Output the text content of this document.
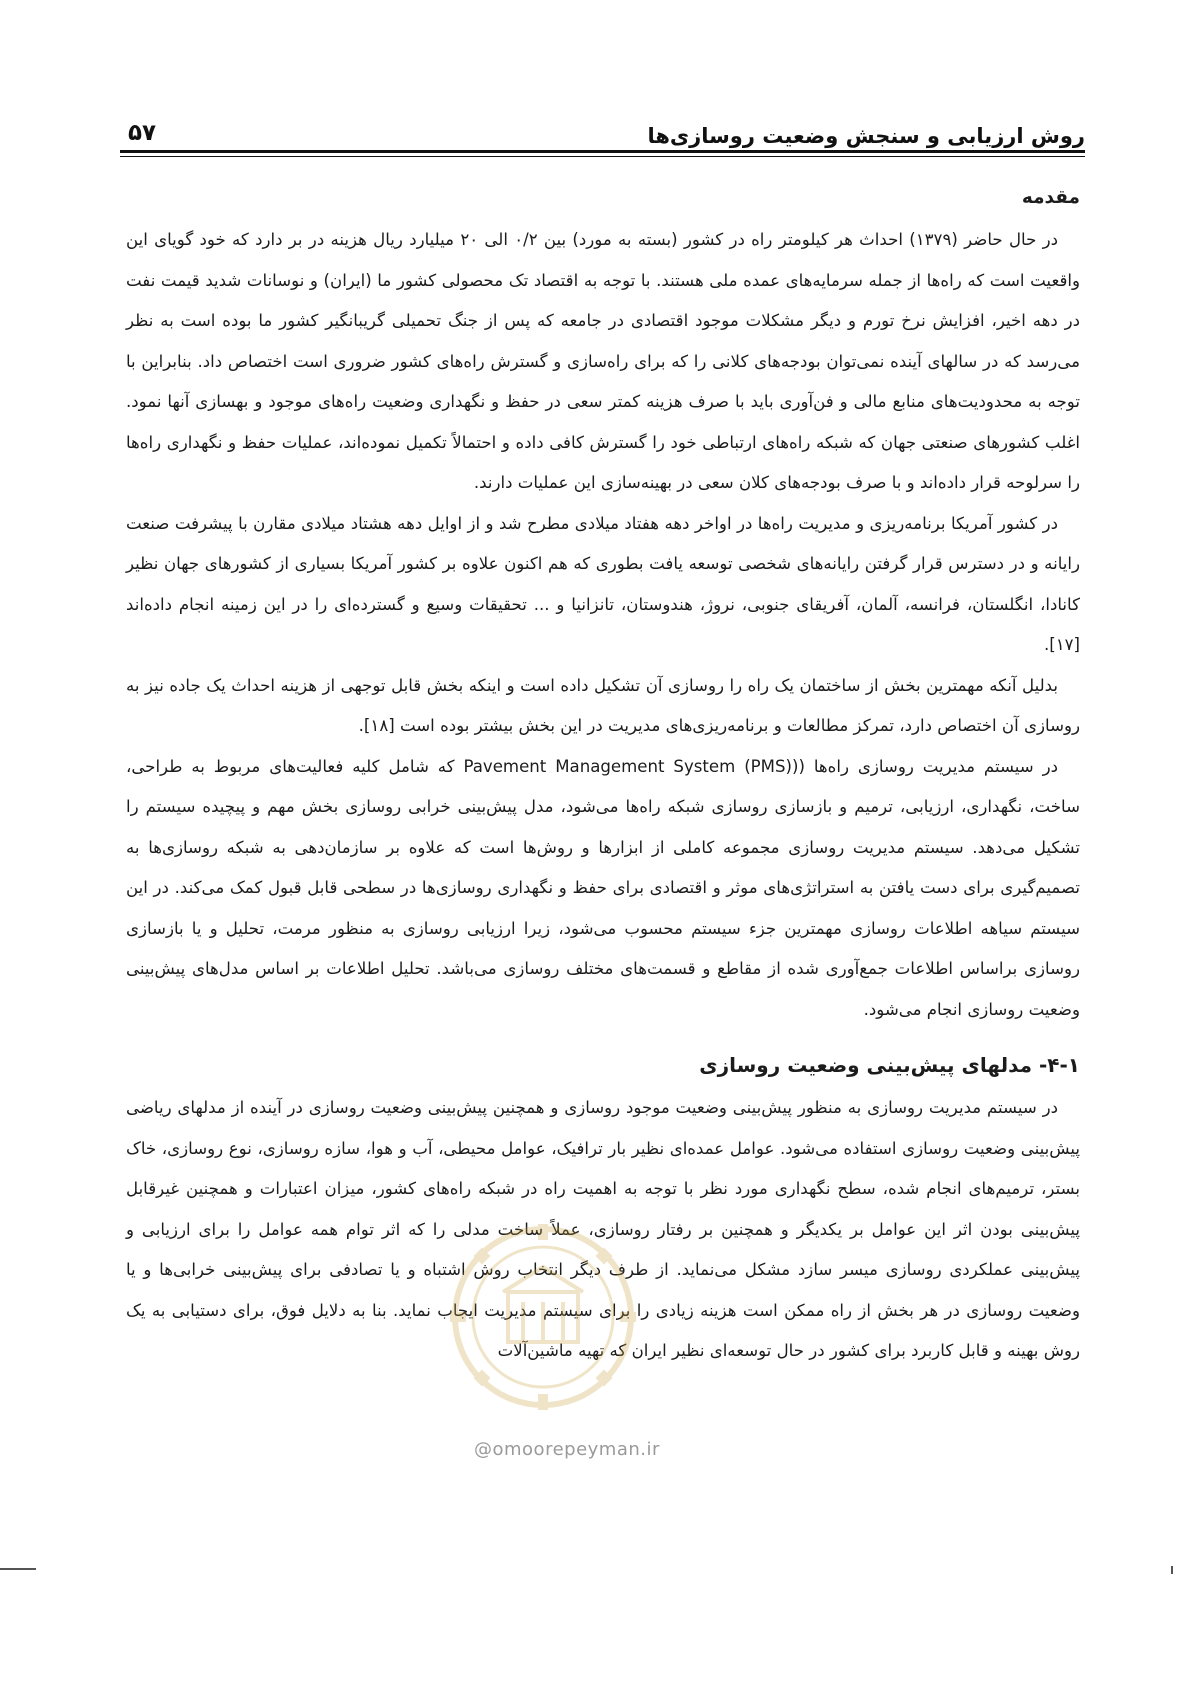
روش ارزیابی و سنجش وضعیت روسازی‌ها
۵۷
مقدمه

در حال حاضر (۱۳۷۹) احداث هر کیلومتر راه در کشور (بسته به مورد) بین ۰/۲ الی ۲۰ میلیارد ریال هزینه در بر دارد که خود گویای این واقعیت است که راه‌ها از جمله سرمایه‌های عمده ملی هستند. با توجه به اقتصاد تک محصولی کشور ما (ایران) و نوسانات شدید قیمت نفت در دهه اخیر، افزایش نرخ تورم و دیگر مشکلات موجود اقتصادی در جامعه که پس از جنگ تحمیلی گریبانگیر کشور ما بوده است به نظر می‌رسد که در سالهای آینده نمی‌توان بودجه‌های کلانی را که برای راه‌سازی و گسترش راه‌های کشور ضروری است اختصاص داد. بنابراین با توجه به محدودیت‌های منابع مالی و فن‌آوری باید با صرف هزینه کمتر سعی در حفظ و نگهداری وضعیت راه‌های موجود و بهسازی آنها نمود. اغلب کشورهای صنعتی جهان که شبکه راه‌های ارتباطی خود را گسترش کافی داده و احتمالاً تکمیل نموده‌اند، عملیات حفظ و نگهداری راه‌ها را سرلوحه قرار داده‌اند و با صرف بودجه‌های کلان سعی در بهینه‌سازی این عملیات دارند.

در کشور آمریکا برنامه‌ریزی و مدیریت راه‌ها در اواخر دهه هفتاد میلادی مطرح شد و از اوایل دهه هشتاد میلادی مقارن با پیشرفت صنعت رایانه و در دسترس قرار گرفتن رایانه‌های شخصی توسعه یافت بطوری که هم اکنون علاوه بر کشور آمریکا بسیاری از کشورهای جهان نظیر کانادا، انگلستان، فرانسه، آلمان، آفریقای جنوبی، نروژ، هندوستان، تانزانیا و ... تحقیقات وسیع و گسترده‌ای را در این زمینه انجام داده‌اند [۱۷].

بدلیل آنکه مهمترین بخش از ساختمان یک راه را روسازی آن تشکیل داده است و اینکه بخش قابل توجهی از هزینه احداث یک جاده نیز به روسازی آن اختصاص دارد، تمرکز مطالعات و برنامه‌ریزی‌های مدیریت در این بخش بیشتر بوده است [۱۸].

در سیستم مدیریت روسازی راه‌ها ((Pavement Management System (PMS) که شامل کلیه فعالیت‌های مربوط به طراحی، ساخت، نگهداری، ارزیابی، ترمیم و بازسازی روسازی شبکه راه‌ها می‌شود، مدل پیش‌بینی خرابی روسازی بخش مهم و پیچیده سیستم را تشکیل می‌دهد. سیستم مدیریت روسازی مجموعه کاملی از ابزارها و روش‌ها است که علاوه بر سازمان‌دهی به شبکه روسازی‌ها به تصمیم‌گیری برای دست یافتن به استراتژی‌های موثر و اقتصادی برای حفظ و نگهداری روسازی‌ها در سطحی قابل قبول کمک می‌کند. در این سیستم سیاهه اطلاعات روسازی مهمترین جزء سیستم محسوب می‌شود، زیرا ارزیابی روسازی به منظور مرمت، تحلیل و یا بازسازی روسازی براساس اطلاعات جمع‌آوری شده از مقاطع و قسمت‌های مختلف روسازی می‌باشد. تحلیل اطلاعات بر اساس مدل‌های پیش‌بینی وضعیت روسازی انجام می‌شود.

۴-۱- مدلهای پیش‌بینی وضعیت روسازی

در سیستم مدیریت روسازی به منظور پیش‌بینی وضعیت موجود روسازی و همچنین پیش‌بینی وضعیت روسازی در آینده از مدلهای ریاضی پیش‌بینی وضعیت روسازی استفاده می‌شود. عوامل عمده‌ای نظیر بار ترافیک، عوامل محیطی، آب و هوا، سازه روسازی، نوع روسازی، خاک بستر، ترمیم‌های انجام شده، سطح نگهداری مورد نظر با توجه به اهمیت راه در شبکه راه‌های کشور، میزان اعتبارات و همچنین غیرقابل پیش‌بینی بودن اثر این عوامل بر یکدیگر و همچنین بر رفتار روسازی، عملاً ساخت مدلی را که اثر توام همه عوامل را برای ارزیابی و پیش‌بینی عملکردی روسازی میسر سازد مشکل می‌نماید. از طرف دیگر انتخاب روش اشتباه و یا تصادفی برای پیش‌بینی خرابی‌ها و یا وضعیت روسازی در هر بخش از راه ممکن است هزینه زیادی را برای سیستم مدیریت ایجاب نماید. بنا به دلایل فوق، برای دستیابی به یک روش بهینه و قابل کاربرد برای کشور در حال توسعه‌ای نظیر ایران که تهیه ماشین‌آلات

@omoorepeyman.ir
